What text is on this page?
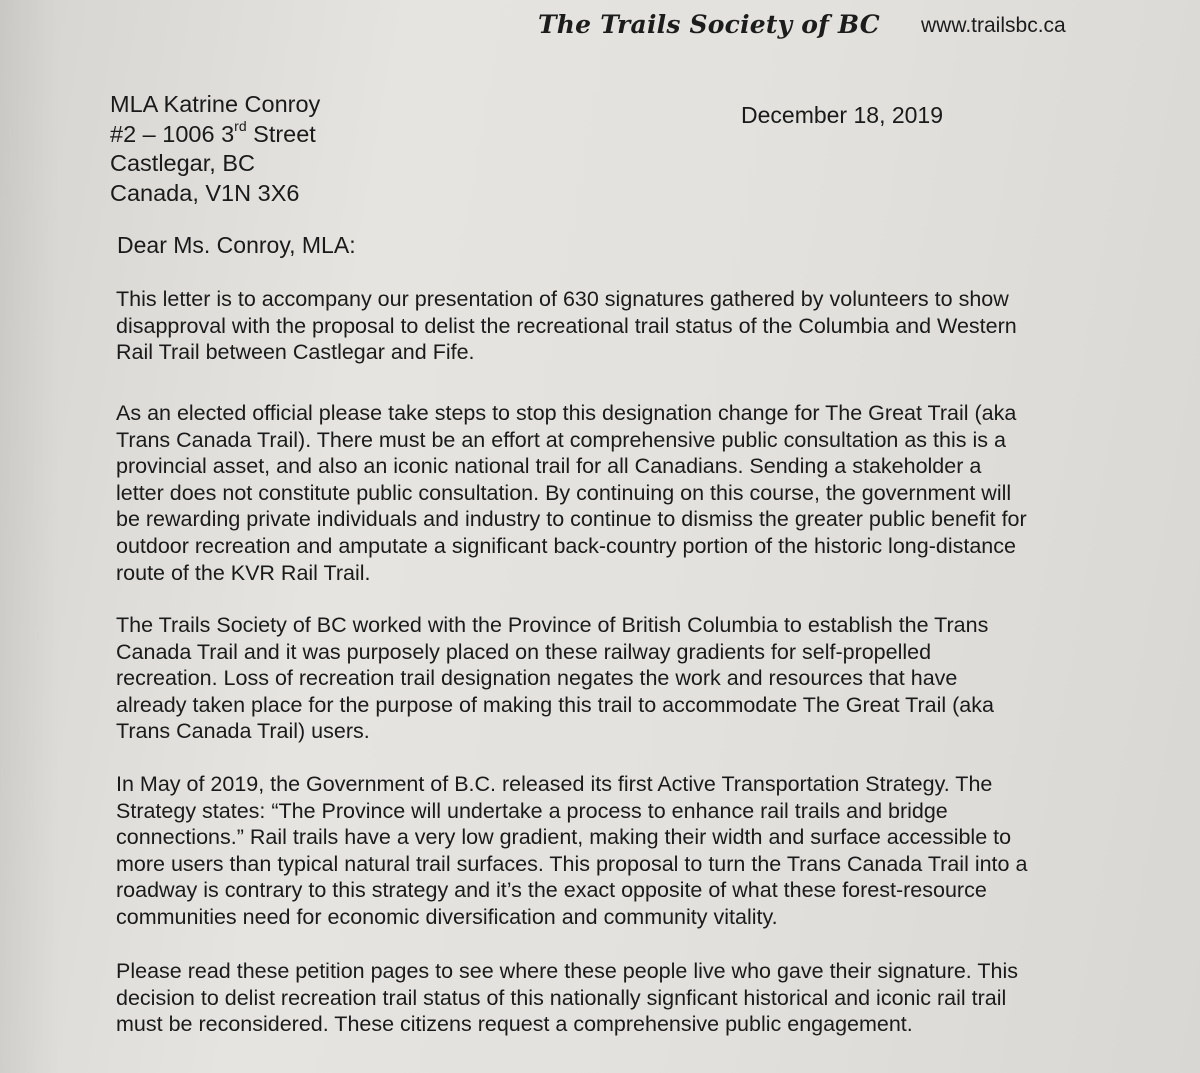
The Trails Society of BC www.trailsbc.ca
MLA Katrine Conroy
#2 – 1006 3rd Street
Castlegar, BC
Canada, V1N 3X6
December 18, 2019
Dear Ms. Conroy, MLA:
This letter is to accompany our presentation of 630 signatures gathered by volunteers to show
disapproval with the proposal to delist the recreational trail status of the Columbia and Western
Rail Trail between Castlegar and Fife.
As an elected official please take steps to stop this designation change for The Great Trail (aka
Trans Canada Trail). There must be an effort at comprehensive public consultation as this is a
provincial asset, and also an iconic national trail for all Canadians. Sending a stakeholder a
letter does not constitute public consultation. By continuing on this course, the government will
be rewarding private individuals and industry to continue to dismiss the greater public benefit for
outdoor recreation and amputate a significant back-country portion of the historic long-distance
route of the KVR Rail Trail.
The Trails Society of BC worked with the Province of British Columbia to establish the Trans
Canada Trail and it was purposely placed on these railway gradients for self-propelled
recreation. Loss of recreation trail designation negates the work and resources that have
already taken place for the purpose of making this trail to accommodate The Great Trail (aka
Trans Canada Trail) users.
In May of 2019, the Government of B.C. released its first Active Transportation Strategy. The
Strategy states: “The Province will undertake a process to enhance rail trails and bridge
connections.” Rail trails have a very low gradient, making their width and surface accessible to
more users than typical natural trail surfaces. This proposal to turn the Trans Canada Trail into a
roadway is contrary to this strategy and it’s the exact opposite of what these forest-resource
communities need for economic diversification and community vitality.
Please read these petition pages to see where these people live who gave their signature. This
decision to delist recreation trail status of this nationally signficant historical and iconic rail trail
must be reconsidered. These citizens request a comprehensive public engagement.
